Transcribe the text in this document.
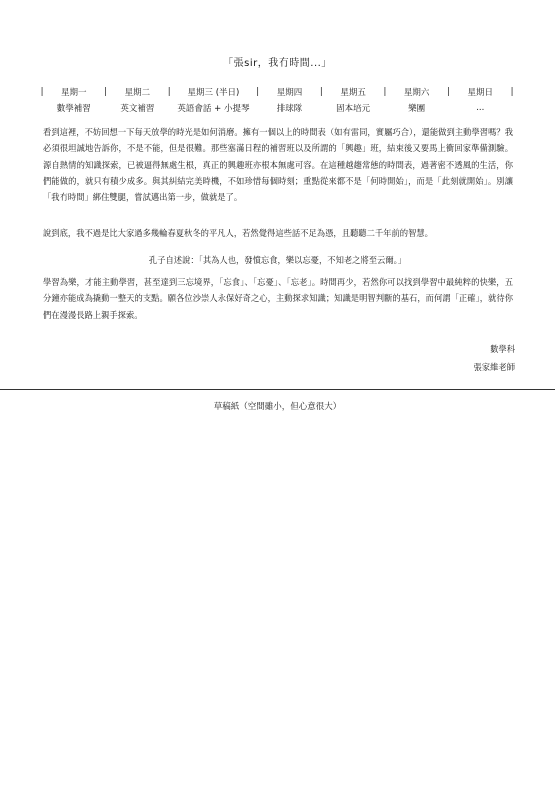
「張sir，我冇時間...」
|	星期一	|	星期二	|	星期三 (半日)	|	星期四	|	星期五	|	星期六	|	星期日	|
數學補習	英文補習	英語會話 + 小提琴	排球隊	固本培元	樂團	...

看到這裡，不妨回想一下每天放學的時光是如何消磨。擁有一個以上的時間表（如有雷同，實屬巧合），還能做到主動學習嗎？我必須很坦誠地告訴你，不是不能，但是很難。那些塞滿日程的補習班以及所謂的「興趣」班，結束後又要馬上衝回家準備測驗。源自熱情的知識探索，已被逼得無處生根，真正的興趣班亦根本無處可容。在這種越趨常態的時間表，過著密不透風的生活，你們能做的，就只有積少成多。與其糾結完美時機，不如珍惜每個時刻；重點從來都不是「何時開始」，而是「此刻就開始」。別讓「我冇時間」綁住雙腿，嘗試邁出第一步，做就是了。

說到底，我不過是比大家過多幾輪春夏秋冬的平凡人，若然覺得這些話不足為憑，且聽聽二千年前的智慧。

孔子自述說：「其為人也，發憤忘食，樂以忘憂，不知老之將至云爾。」

學習為樂，才能主動學習，甚至達到三忘境界，「忘食」、「忘憂」、「忘老」。時間再少，若然你可以找到學習中最純粹的快樂，五分鐘亦能成為撬動一整天的支點。願各位沙崇人永保好奇之心，主動探求知識；知識是明智判斷的基石，而何謂「正確」，就待你們在漫漫長路上親手探索。

數學科
張家維老師
草稿紙（空間雖小，但心意很大）
